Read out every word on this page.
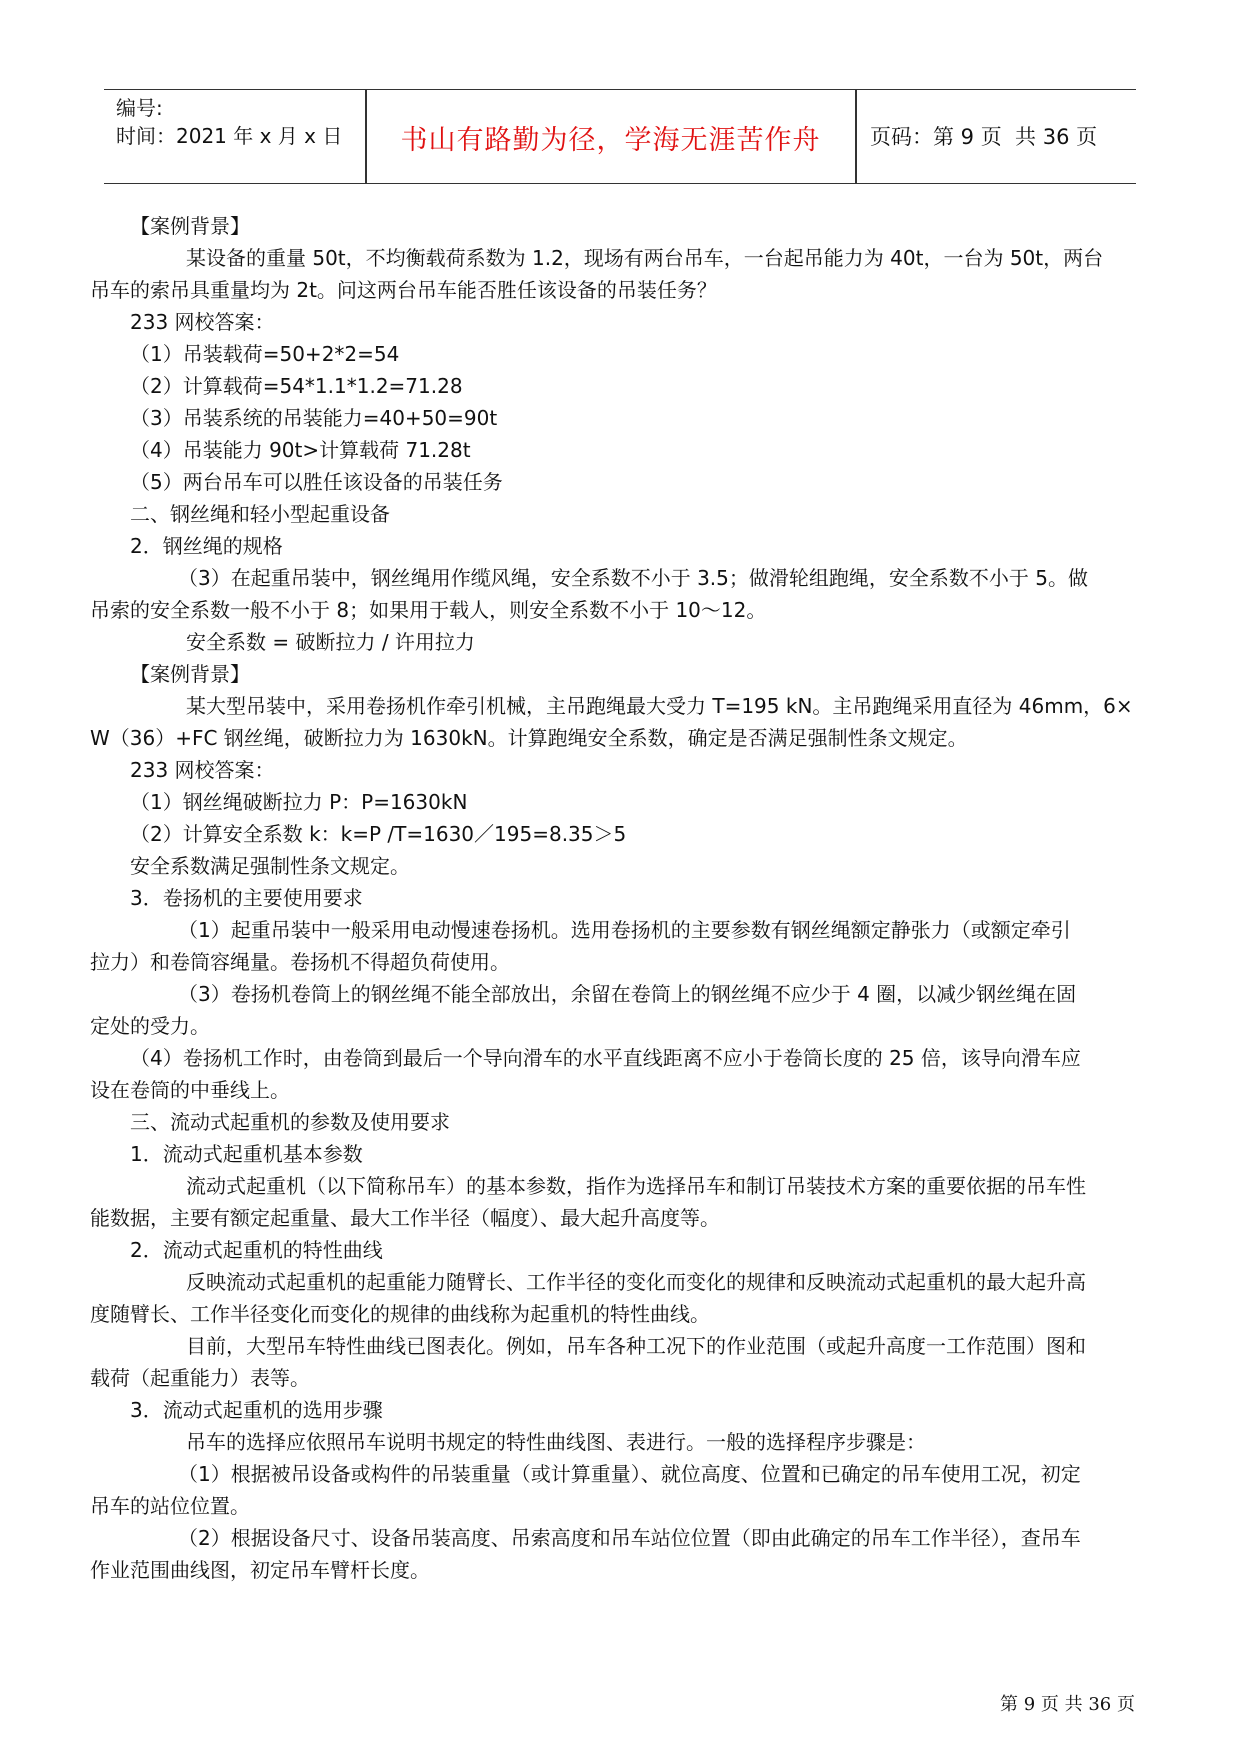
编号:
时间：2021 年 x 月 x 日	书山有路勤为径，学海无涯苦作舟	页码：第 9 页  共 36 页
【案例背景】
某设备的重量 50t，不均衡载荷系数为 1.2，现场有两台吊车，一台起吊能力为 40t，一台为 50t，两台
吊车的索吊具重量均为 2t。问这两台吊车能否胜任该设备的吊装任务？
233 网校答案：
（1）吊装载荷=50+2*2=54
（2）计算载荷=54*1.1*1.2=71.28
（3）吊装系统的吊装能力=40+50=90t
（4）吊装能力 90t>计算载荷 71.28t
（5）两台吊车可以胜任该设备的吊装任务
二、钢丝绳和轻小型起重设备
2．钢丝绳的规格
（3）在起重吊装中，钢丝绳用作缆风绳，安全系数不小于 3.5；做滑轮组跑绳，安全系数不小于 5。做
吊索的安全系数一般不小于 8；如果用于载人，则安全系数不小于 10～12。
安全系数 = 破断拉力 / 许用拉力
【案例背景】
某大型吊装中，采用卷扬机作牵引机械，主吊跑绳最大受力 T=195 kN。主吊跑绳采用直径为 46mm，6×
W（36）+FC 钢丝绳，破断拉力为 1630kN。计算跑绳安全系数，确定是否满足强制性条文规定。
233 网校答案：
（1）钢丝绳破断拉力 P：P=1630kN
（2）计算安全系数 k：k=P /T=1630／195=8.35＞5
安全系数满足强制性条文规定。
3．卷扬机的主要使用要求
（1）起重吊装中一般采用电动慢速卷扬机。选用卷扬机的主要参数有钢丝绳额定静张力（或额定牵引
拉力）和卷筒容绳量。卷扬机不得超负荷使用。
（3）卷扬机卷筒上的钢丝绳不能全部放出，余留在卷筒上的钢丝绳不应少于 4 圈，以减少钢丝绳在固
定处的受力。
（4）卷扬机工作时，由卷筒到最后一个导向滑车的水平直线距离不应小于卷筒长度的 25 倍，该导向滑车应
设在卷筒的中垂线上。
三、流动式起重机的参数及使用要求
1．流动式起重机基本参数
流动式起重机（以下简称吊车）的基本参数，指作为选择吊车和制订吊装技术方案的重要依据的吊车性
能数据，主要有额定起重量、最大工作半径（幅度）、最大起升高度等。
2．流动式起重机的特性曲线
反映流动式起重机的起重能力随臂长、工作半径的变化而变化的规律和反映流动式起重机的最大起升高
度随臂长、工作半径变化而变化的规律的曲线称为起重机的特性曲线。
目前，大型吊车特性曲线已图表化。例如，吊车各种工况下的作业范围（或起升高度一工作范围）图和
载荷（起重能力）表等。
3．流动式起重机的选用步骤
吊车的选择应依照吊车说明书规定的特性曲线图、表进行。一般的选择程序步骤是：
（1）根据被吊设备或构件的吊装重量（或计算重量）、就位高度、位置和已确定的吊车使用工况，初定
吊车的站位位置。
（2）根据设备尺寸、设备吊装高度、吊索高度和吊车站位位置（即由此确定的吊车工作半径），查吊车
作业范围曲线图，初定吊车臂杆长度。
第 9 页 共 36 页
